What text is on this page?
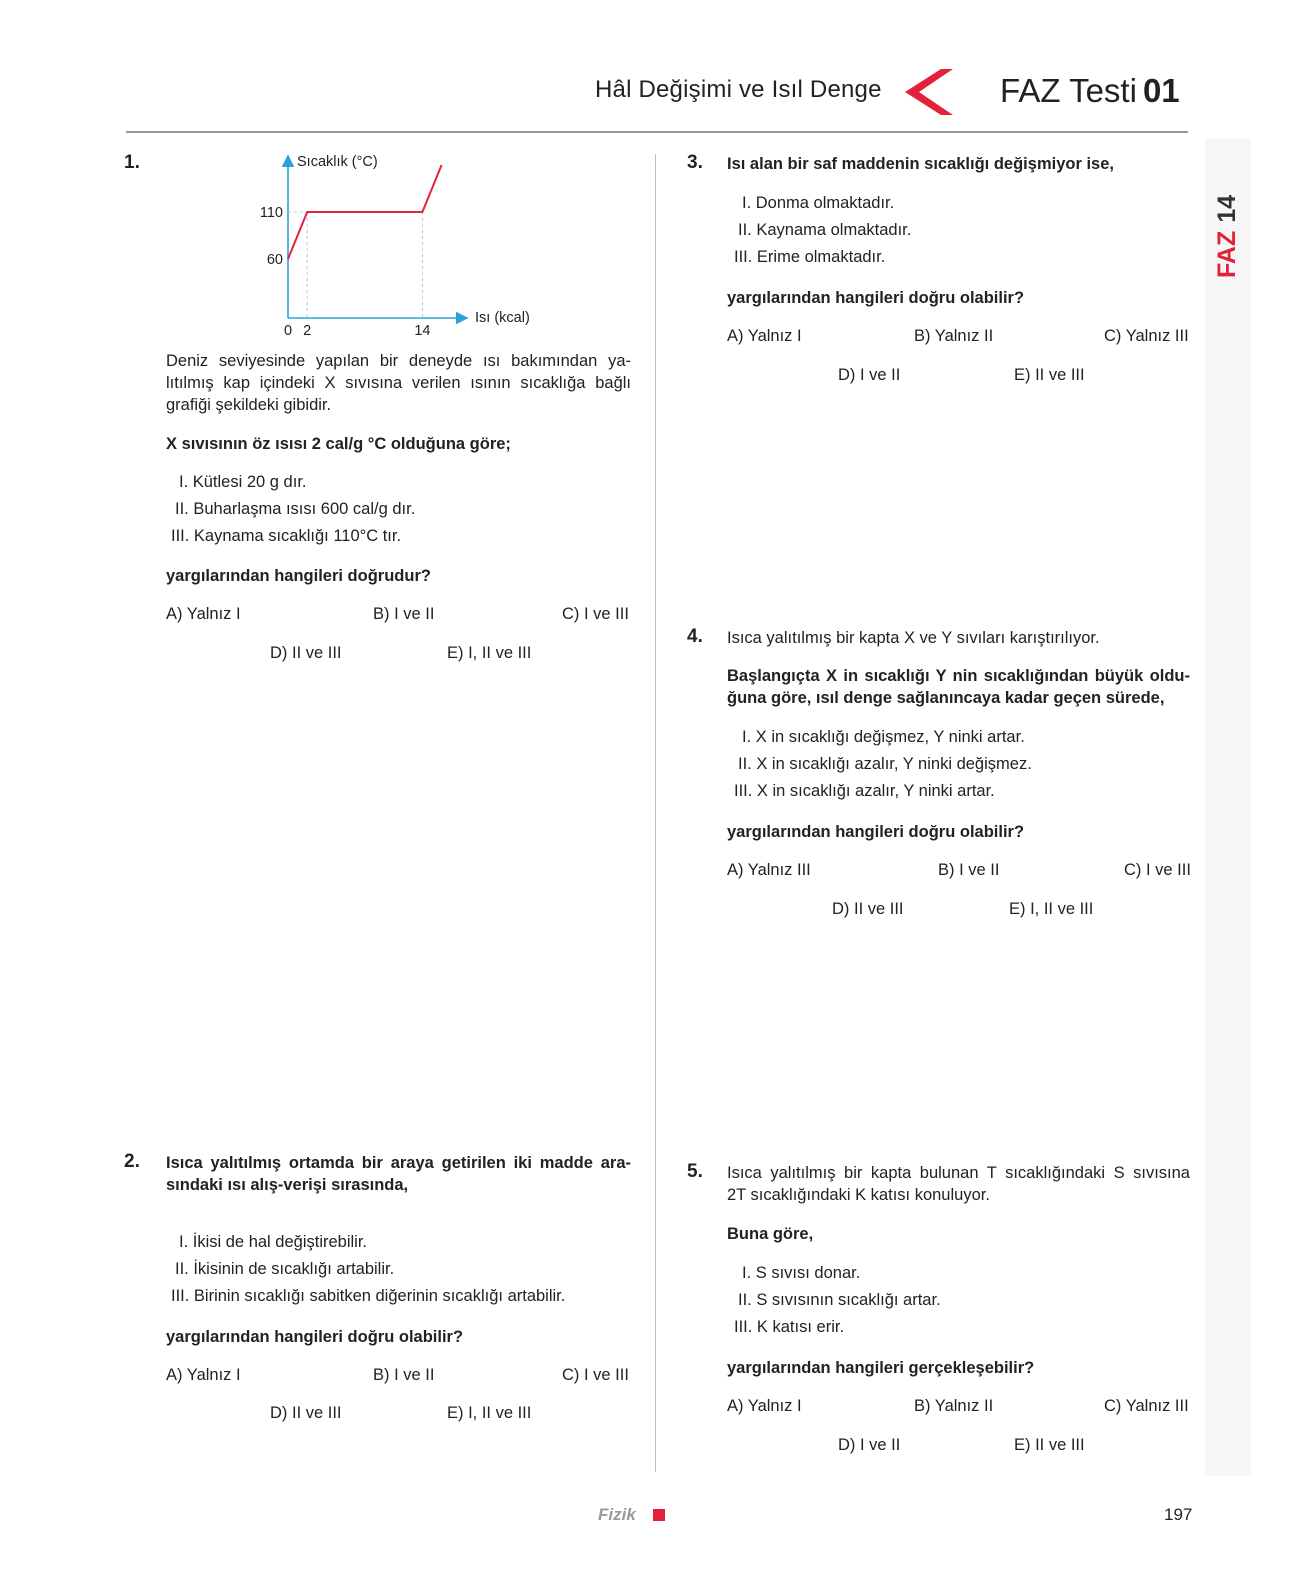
Hâl Değişimi ve Isıl Denge	FAZ Testi 01
FAZ14
1.
0 2	14
60
110
Sıcaklık (°C)
Isı (kcal)
Deniz seviyesinde yapılan bir deneyde ısı bakımından ya-
lıtılmış kap içindeki X sıvısına verilen ısının sıcaklığa bağlı
grafiği şekildeki gibidir.
X sıvısının öz ısısı 2 cal/g °C olduğuna göre;
I. Kütlesi 20 g dır.
II. Buharlaşma ısısı 600 cal/g dır.
III. Kaynama sıcaklığı 110°C tır.
yargılarından hangileri doğrudur?
A) Yalnız I	B) I ve II	C) I ve III
D) II ve III	E) I, II ve III
2. Isıca yalıtılmış ortamda bir araya getirilen iki madde ara-
sındaki ısı alış-verişi sırasında,
I. İkisi de hal değiştirebilir.
II. İkisinin de sıcaklığı artabilir.
III. Birinin sıcaklığı sabitken diğerinin sıcaklığı artabilir.
yargılarından hangileri doğru olabilir?
A) Yalnız I	B) I ve II	C) I ve III
D) II ve III	E) I, II ve III
3. Isı alan bir saf maddenin sıcaklığı değişmiyor ise,
I. Donma olmaktadır.
II. Kaynama olmaktadır.
III. Erime olmaktadır.
yargılarından hangileri doğru olabilir?
A) Yalnız I	B) Yalnız II	C) Yalnız III
D) I ve II	E) II ve III
4. Isıca yalıtılmış bir kapta X ve Y sıvıları karıştırılıyor.
Başlangıçta X in sıcaklığı Y nin sıcaklığından büyük oldu-
ğuna göre, ısıl denge sağlanıncaya kadar geçen sürede,
I. X in sıcaklığı değişmez, Y ninki artar.
II. X in sıcaklığı azalır, Y ninki değişmez.
III. X in sıcaklığı azalır, Y ninki artar.
yargılarından hangileri doğru olabilir?
A) Yalnız III	B) I ve II	C) I ve III
D) II ve III	E) I, II ve III
5. Isıca yalıtılmış bir kapta bulunan T sıcaklığındaki S sıvısına
2T sıcaklığındaki K katısı konuluyor.
Buna göre,
I. S sıvısı donar.
II. S sıvısının sıcaklığı artar.
III. K katısı erir.
yargılarından hangileri gerçekleşebilir?
A) Yalnız I	B) Yalnız II	C) Yalnız III
D) I ve II	E) II ve III
Fizik	197
